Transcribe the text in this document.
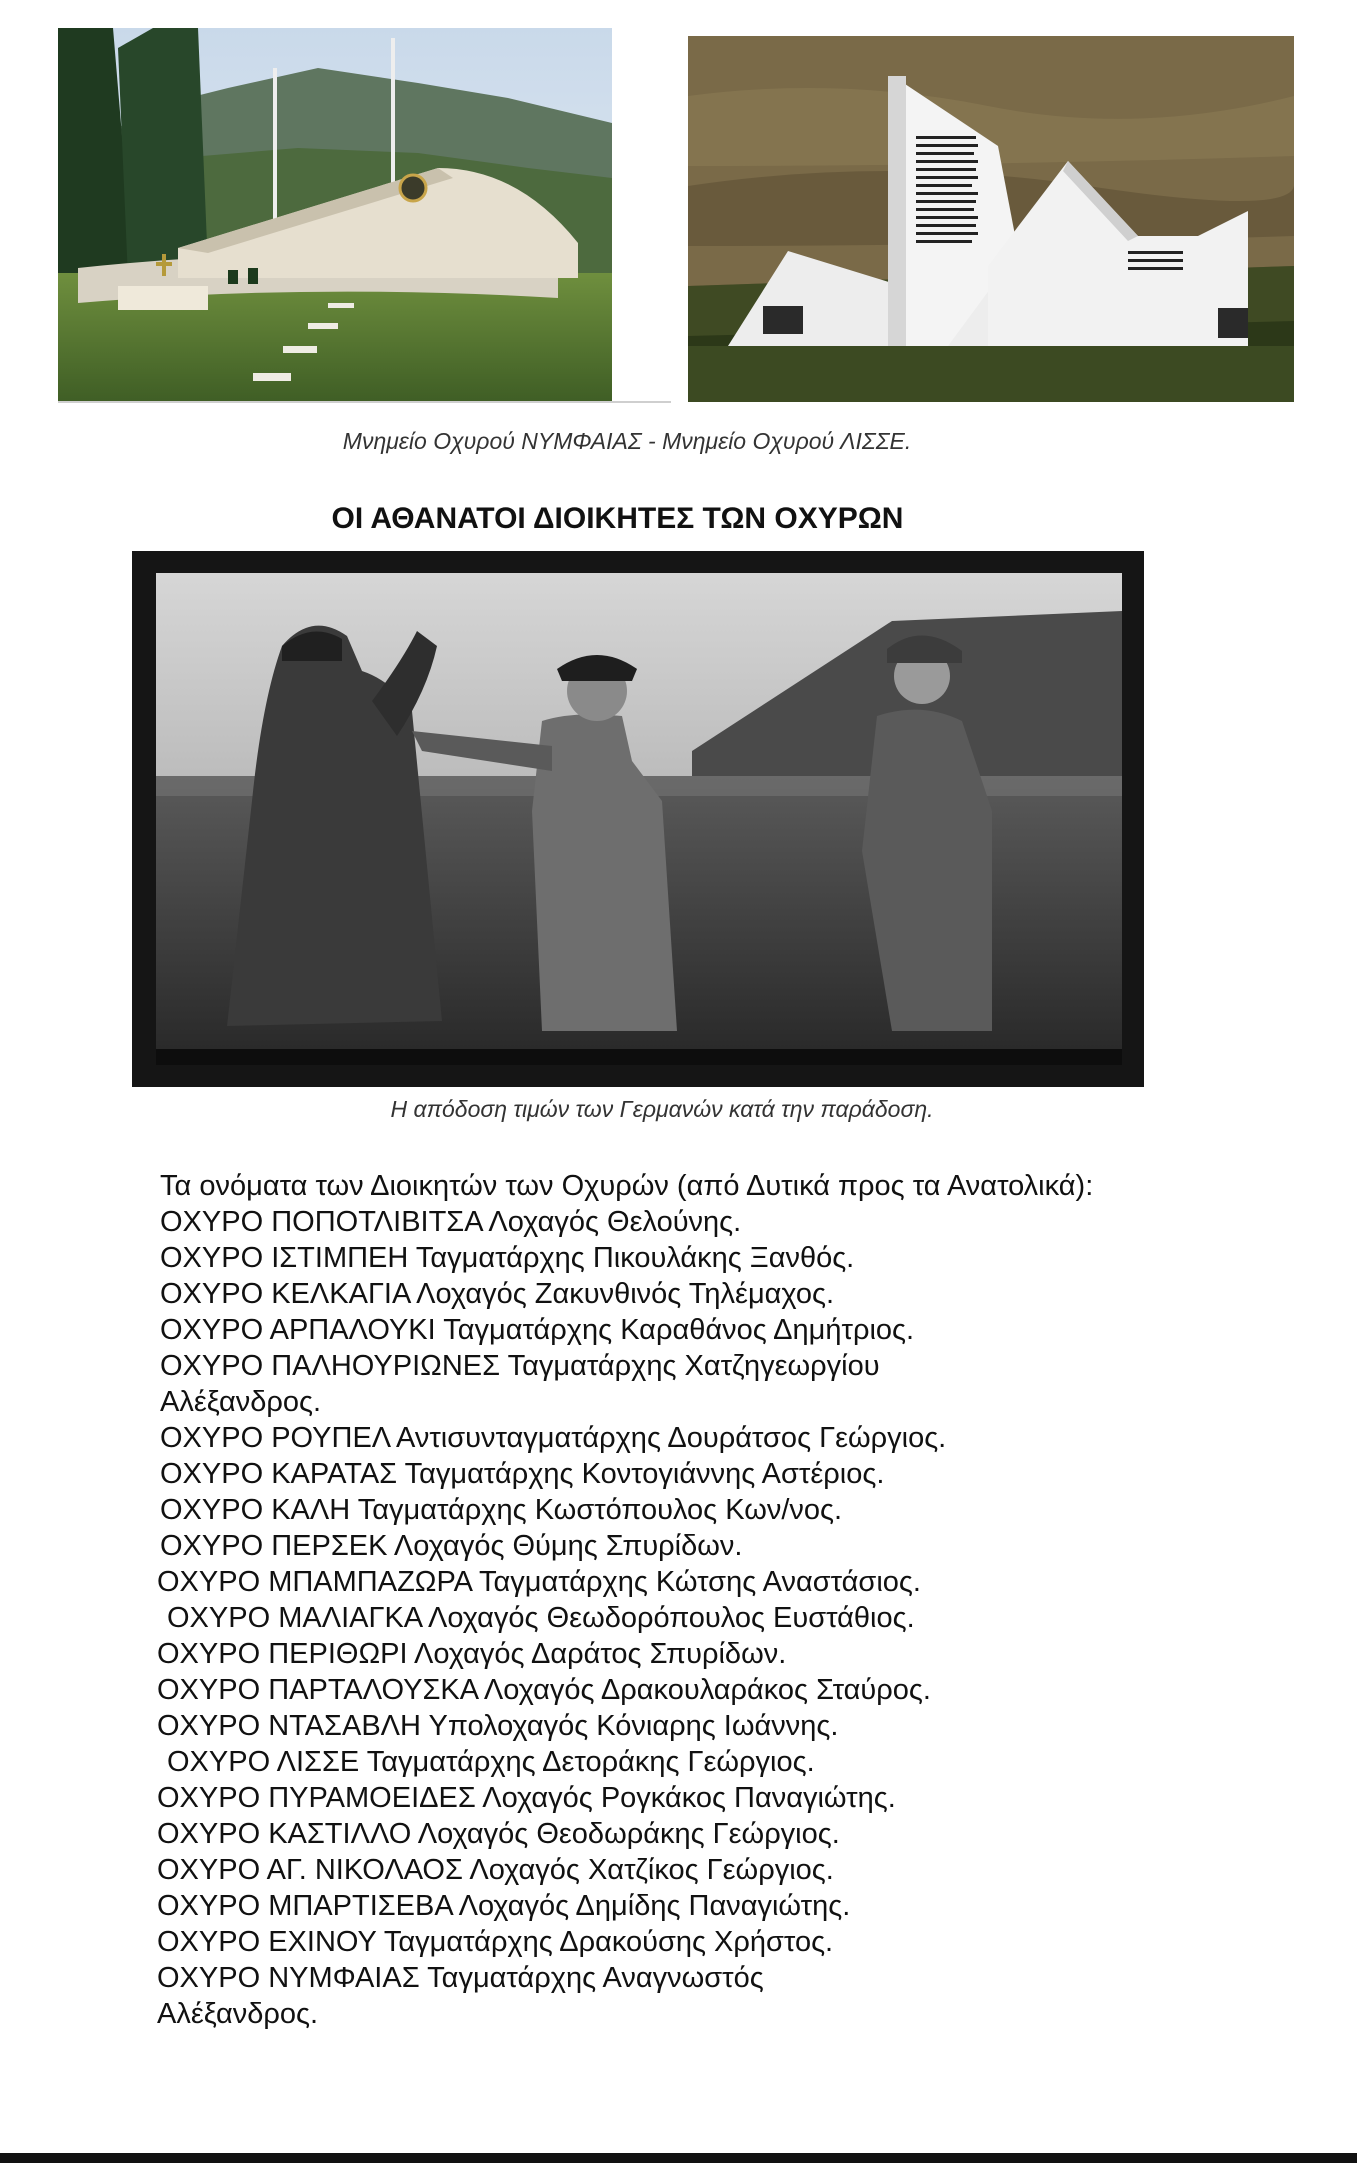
Μνημείο Οχυρού ΝΥΜΦΑΙΑΣ - Μνημείο Οχυρού ΛΙΣΣΕ.
ΟΙ ΑΘΑΝΑΤΟΙ ΔΙΟΙΚΗΤΕΣ ΤΩΝ ΟΧΥΡΩΝ
Η απόδοση τιμών των Γερμανών κατά την παράδοση.
Τα ονόματα των Διοικητών των Οχυρών (από Δυτικά προς τα Ανατολικά):
ΟΧΥΡΟ ΠΟΠΟΤΛΙΒΙΤΣΑ Λοχαγός Θελούνης.
ΟΧΥΡΟ ΙΣΤΙΜΠΕΗ Ταγματάρχης Πικουλάκης Ξανθός.
ΟΧΥΡΟ ΚΕΛΚΑΓΙΑ Λοχαγός Ζακυνθινός Τηλέμαχος.
ΟΧΥΡΟ ΑΡΠΑΛΟΥΚΙ Ταγματάρχης Καραθάνος Δημήτριος.
ΟΧΥΡΟ ΠΑΛΗΟΥΡΙΩΝΕΣ Ταγματάρχης Χατζηγεωργίου
Αλέξανδρος.
ΟΧΥΡΟ ΡΟΥΠΕΛ Αντισυνταγματάρχης Δουράτσος Γεώργιος.
ΟΧΥΡΟ ΚΑΡΑΤΑΣ Ταγματάρχης Κοντογιάννης Αστέριος.
ΟΧΥΡΟ ΚΑΛΗ Ταγματάρχης Κωστόπουλος Κων/νος.
ΟΧΥΡΟ ΠΕΡΣΕΚ Λοχαγός Θύμης Σπυρίδων.
ΟΧΥΡΟ ΜΠΑΜΠΑΖΩΡΑ Ταγματάρχης Κώτσης Αναστάσιος.
ΟΧΥΡΟ ΜΑΛΙΑΓΚΑ Λοχαγός Θεωδορόπουλος Ευστάθιος.
ΟΧΥΡΟ ΠΕΡΙΘΩΡΙ Λοχαγός Δαράτος Σπυρίδων.
ΟΧΥΡΟ ΠΑΡΤΑΛΟΥΣΚΑ Λοχαγός Δρακουλαράκος Σταύρος.
ΟΧΥΡΟ ΝΤΑΣΑΒΛΗ Υπολοχαγός Κόνιαρης Ιωάννης.
ΟΧΥΡΟ ΛΙΣΣΕ Ταγματάρχης Δετοράκης Γεώργιος.
ΟΧΥΡΟ ΠΥΡΑΜΟΕΙΔΕΣ Λοχαγός Ρογκάκος Παναγιώτης.
ΟΧΥΡΟ ΚΑΣΤΙΛΛΟ Λοχαγός Θεοδωράκης Γεώργιος.
ΟΧΥΡΟ ΑΓ. ΝΙΚΟΛΑΟΣ Λοχαγός Χατζίκος Γεώργιος.
ΟΧΥΡΟ ΜΠΑΡΤΙΣΕΒΑ Λοχαγός Δημίδης Παναγιώτης.
ΟΧΥΡΟ ΕΧΙΝΟΥ Ταγματάρχης Δρακούσης Χρήστος.
ΟΧΥΡΟ ΝΥΜΦΑΙΑΣ Ταγματάρχης Αναγνωστός
Αλέξανδρος.
